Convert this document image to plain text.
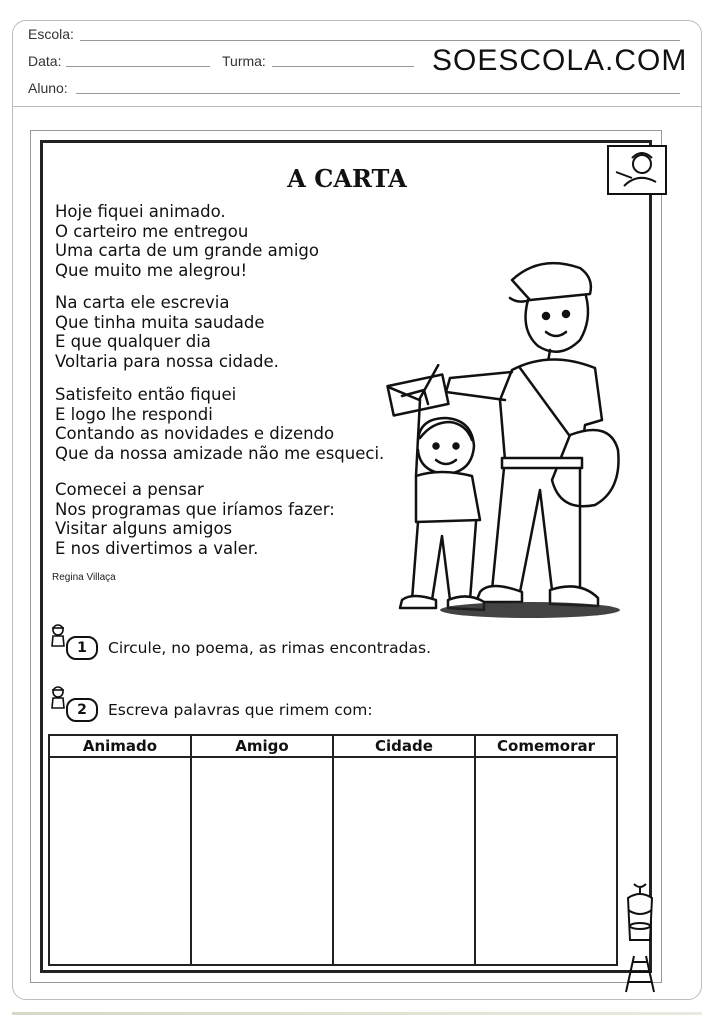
Escola:
Data:	Turma:
Aluno:
SOESCOLA.COM
A CARTA
Hoje fiquei animado.
O carteiro me entregou
Uma carta de um grande amigo
Que muito me alegrou!
Na carta ele escrevia
Que tinha muita saudade
E que qualquer dia
Voltaria para nossa cidade.
Satisfeito então fiquei
E logo lhe respondi
Contando as novidades e dizendo
Que da nossa amizade não me esqueci.
Comecei a pensar
Nos programas que iríamos fazer:
Visitar alguns amigos
E nos divertimos a valer.
Regina Villaça
1	Circule, no poema, as rimas encontradas.
2	Escreva palavras que rimem com:
Animado	Amigo	Cidade	Comemorar
